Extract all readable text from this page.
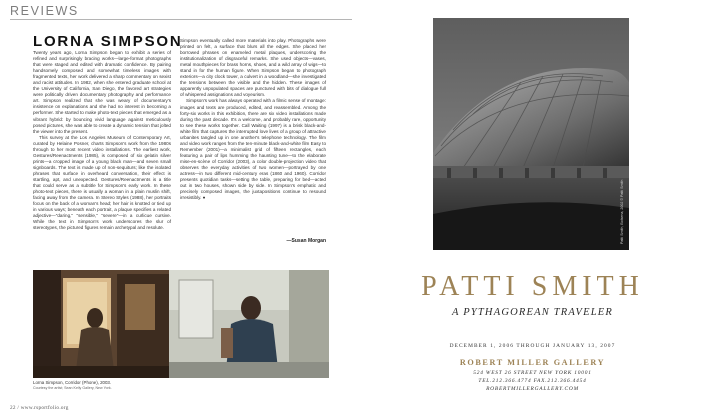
REVIEWS
LORNA SIMPSON

Twenty years ago, Lorna Simpson began to exhibit a series of refined and surprisingly bracing works—large-format photographs that were staged and edited with dramatic confidence. By pairing handsomely composed and somewhat timeless images with fragmented texts, her work delivered a sharp commentary on sexist and racist attitudes. In 1982, when she entered graduate school at the University of California, San Diego, the favored art strategies were politically driven documentary photography and performance art. Simpson realized that she was weary of documentary's insistence on explanations and she had no interest in becoming a performer. She started to make photo-text pieces that emerged as a vibrant hybrid: by bouncing vivid language against meticulously posed pictures, she was able to create a dynamic tension that jolted the viewer into the present.

This survey at the Los Angeles Museum of Contemporary Art, curated by Helaine Posner, charts Simpson's work from the 1980s through to her most recent video installations. The earliest work, Gestures/Reenactments (1985), is composed of six gelatin silver prints—a cropped image of a young black man—and seven small signboards. The text is made up of non-sequiturs; like the isolated phrases that surface in overheard conversation, their effect is startling, apt, and unexpected. Gestures/Reenactments is a title that could serve as a subtitle for Simpson's early work. In these photo-text pieces, there is usually a woman in a plain muslin shift, facing away from the camera. In Stereo Styles (1988), her portraits focus on the back of a woman's head; her hair is knotted or tied up in various ways; beneath each portrait, a plaque specifies a related adjective—"daring," "sensible," "severe"—in a curlicue cursive. While the text in Simpson's work underscores the slur of stereotypes, the pictured figures remain archetypal and resolute.

Simpson eventually called more materials into play. Photographs were printed on felt, a surface that blurs all the edges. She placed her borrowed phrases on enameled metal plaques, underscoring the institutionalization of disgraceful remarks. She used objects—vases, metal mouthpieces for brass horns, shoes, and a wild array of wigs—to stand in for the human figure. When Simpson began to photograph exteriors—a city clock tower, a culvert in a woodland—she investigated the tensions between the visible and the hidden. These images of apparently unpopulated spaces are punctured with bits of dialogue full of whispered assignations and voyeurism.

Simpson's work has always operated with a filmic sense of montage: images and texts are produced, edited, and reassembled. Among the forty-six works in this exhibition, there are six video installations made during the past decade. It's a welcome, and probably rare, opportunity to see these works together. Call Waiting (1997) is a brisk black-and-white film that captures the interrupted love lives of a group of attractive urbanites tangled up in one another's telephone technology. The film and video work ranges from the ten-minute black-and-white film Easy to Remember (2001)—a minimalist grid of fifteen rectangles, each featuring a pair of lips humming the haunting tune—to the elaborate mise-en-scène of Corridor (2003), a color double-projection video that observes the everyday activities of two women—portrayed by one actress—in two different mid-century eras (1860 and 1960). Corridor presents quotidian tasks—setting the table, preparing for bed—acted out in two houses, shown side by side. In Simpson's emphatic and precisely composed images, the juxtapositions continue to resound irresistibly. ●

—Susan Morgan
Lorna Simpson, Corridor (Phone), 2003.
Courtesy the artist; Sean Kelly Gallery, New York.
22 / www.rsportfolio.org
Patti Smith, Bolsena, 2002 © Patti Smith
PATTI SMITH
A PYTHAGOREAN TRAVELER
DECEMBER 1, 2006 THROUGH JANUARY 13, 2007
ROBERT MILLER GALLERY
524 WEST 26 STREET NEW YORK 10001
TEL.212.366.4774 FAX.212.366.4454
ROBERTMILLERGALLERY.COM
